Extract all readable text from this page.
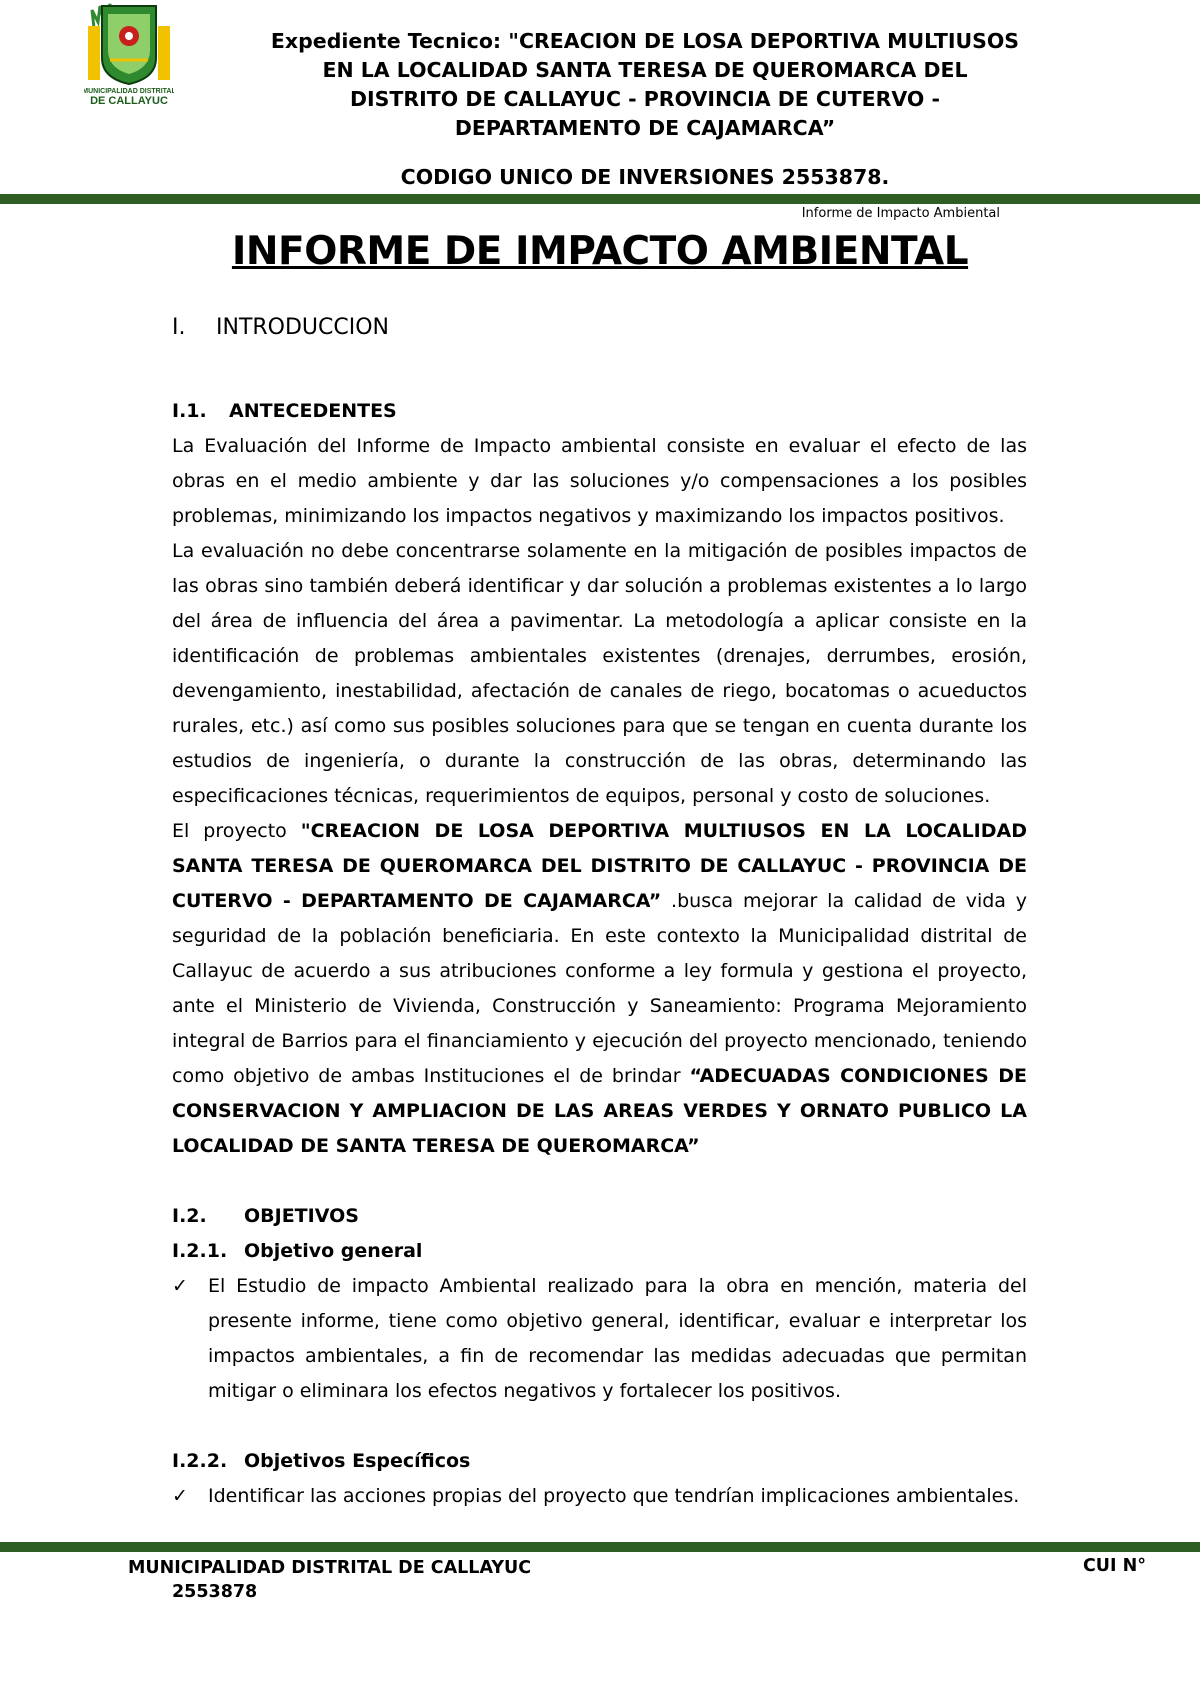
MUNICIPALIDAD DISTRITAL
DE CALLAYUC
Expediente Tecnico: "CREACION DE LOSA DEPORTIVA MULTIUSOS
EN LA LOCALIDAD SANTA TERESA DE QUEROMARCA DEL
DISTRITO DE CALLAYUC - PROVINCIA DE CUTERVO -
DEPARTAMENTO DE CAJAMARCA”
CODIGO UNICO DE INVERSIONES 2553878.
Informe de Impacto Ambiental
INFORME DE IMPACTO AMBIENTAL
I. INTRODUCCION
I.1. ANTECEDENTES

La Evaluación del Informe de Impacto ambiental consiste en evaluar el efecto de las obras en el medio ambiente y dar las soluciones y/o compensaciones a los posibles problemas, minimizando los impactos negativos y maximizando los impactos positivos.

La evaluación no debe concentrarse solamente en la mitigación de posibles impactos de las obras sino también deberá identificar y dar solución a problemas existentes a lo largo del área de influencia del área a pavimentar. La metodología a aplicar consiste en la identificación de problemas ambientales existentes (drenajes, derrumbes, erosión, devengamiento, inestabilidad, afectación de canales de riego, bocatomas o acueductos rurales, etc.) así como sus posibles soluciones para que se tengan en cuenta durante los estudios de ingeniería, o durante la construcción de las obras, determinando las especificaciones técnicas, requerimientos de equipos, personal y costo de soluciones.

El proyecto "CREACION DE LOSA DEPORTIVA MULTIUSOS EN LA LOCALIDAD SANTA TERESA DE QUEROMARCA DEL DISTRITO DE CALLAYUC - PROVINCIA DE CUTERVO - DEPARTAMENTO DE CAJAMARCA” .busca mejorar la calidad de vida y seguridad de la población beneficiaria. En este contexto la Municipalidad distrital de Callayuc de acuerdo a sus atribuciones conforme a ley formula y gestiona el proyecto, ante el Ministerio de Vivienda, Construcción y Saneamiento: Programa Mejoramiento integral de Barrios para el financiamiento y ejecución del proyecto mencionado, teniendo como objetivo de ambas Instituciones el de brindar “ADECUADAS CONDICIONES DE CONSERVACION Y AMPLIACION DE LAS AREAS VERDES Y ORNATO PUBLICO LA LOCALIDAD DE SANTA TERESA DE QUEROMARCA”

I.2. OBJETIVOS
I.2.1. Objetivo general
✓ El Estudio de impacto Ambiental realizado para la obra en mención, materia del presente informe, tiene como objetivo general, identificar, evaluar e interpretar los impactos ambientales, a fin de recomendar las medidas adecuadas que permitan mitigar o eliminara los efectos negativos y fortalecer los positivos.
I.2.2. Objetivos Específicos
✓ Identificar las acciones propias del proyecto que tendrían implicaciones ambientales.
MUNICIPALIDAD DISTRITAL DE CALLAYUC
2553878
CUI N°
